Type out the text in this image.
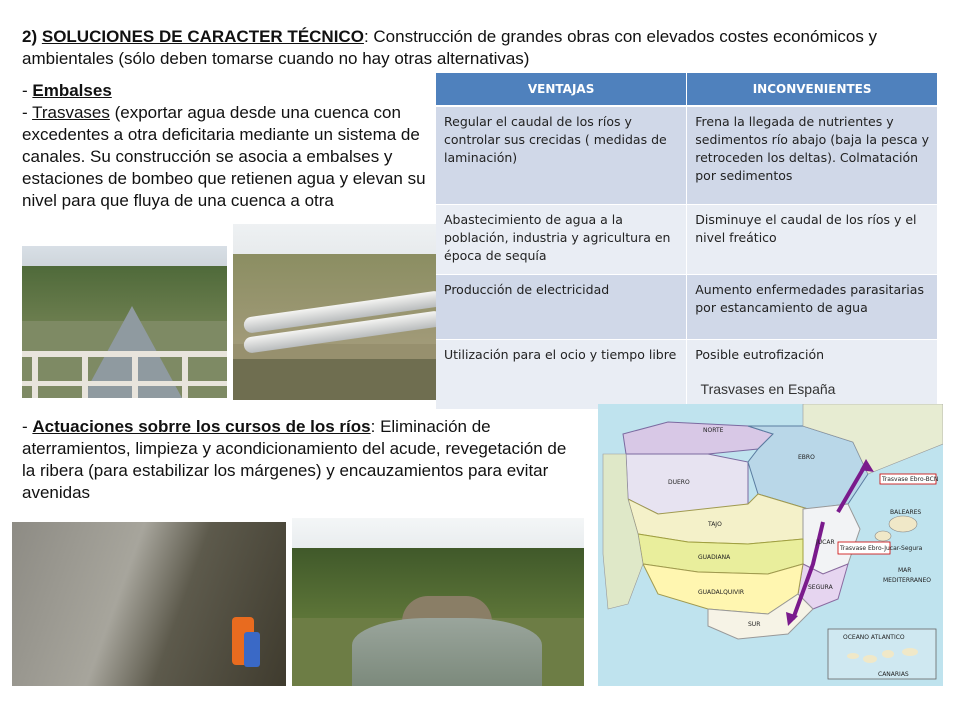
2) SOLUCIONES DE CARACTER TÉCNICO: Construcción de grandes obras con elevados costes económicos y ambientales (sólo deben tomarse cuando no hay otras alternativas)
- Embalses
- Trasvases (exportar agua desde una cuenca con excedentes a otra deficitaria mediante un sistema de canales. Su construcción se asocia a embalses y estaciones de bombeo que retienen agua y elevan su nivel para que fluya de una cuenca a otra
VENTAJAS	INCONVENIENTES
Regular el caudal de los ríos y controlar sus crecidas ( medidas de laminación)	Frena la llegada de nutrientes y sedimentos río abajo (baja la pesca y retroceden los deltas). Colmatación por sedimentos
Abastecimiento de agua a la población, industria y agricultura en época de sequía	Disminuye el caudal de los ríos y el nivel freático
Producción de electricidad	Aumento enfermedades parasitarias por estancamiento de agua
Utilización para el ocio y tiempo libre	Posible eutrofización
Trasvases en España
- Actuaciones sobrre los cursos de los ríos: Eliminación de aterramientos, limpieza y acondicionamiento del acude, revegetación de la ribera (para estabilizar los márgenes) y encauzamientos para evitar avenidas
NORTE
DUERO
EBRO
TAJO
JUCAR
GUADIANA
SEGURA
GUADALQUIVIR
SUR
BALEARES
MAR
MEDITERRANEO
OCEANO ATLANTICO
CANARIAS
Trasvase Ebro-BCN
Trasvase Ebro-Jucar-Segura
